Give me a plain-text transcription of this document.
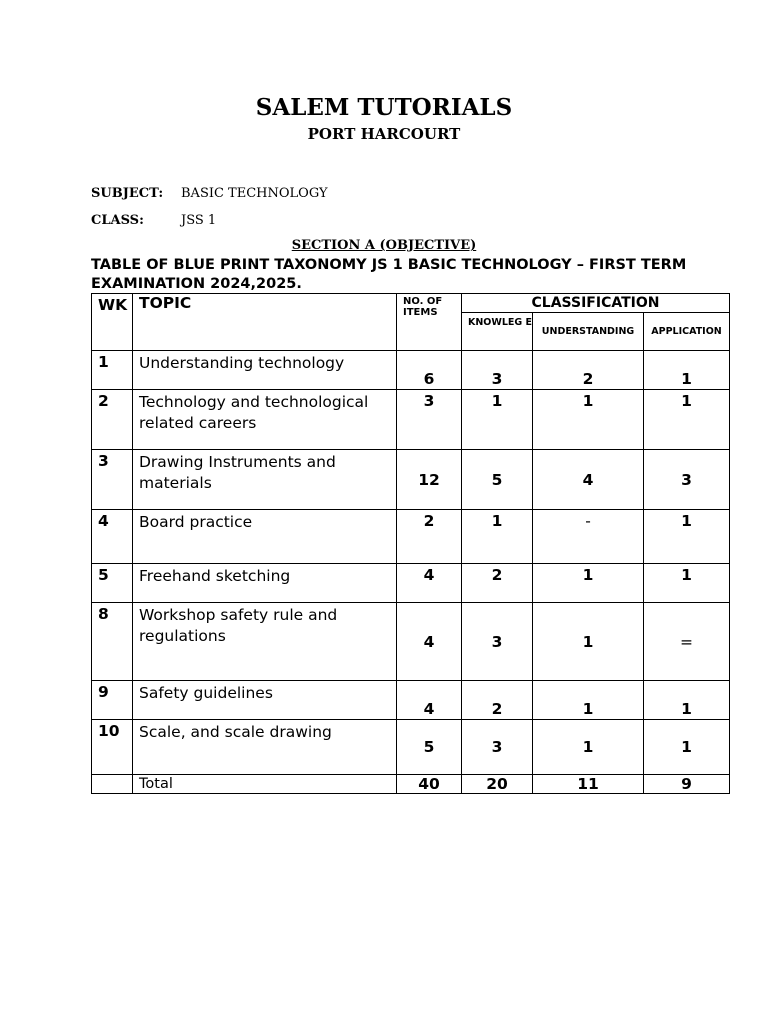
SALEM TUTORIALS
PORT HARCOURT
SUBJECT: BASIC TECHNOLOGY
CLASS:	JSS 1
SECTION A (OBJECTIVE)
TABLE OF BLUE PRINT TAXONOMY JS 1 BASIC TECHNOLOGY – FIRST TERM EXAMINATION 2024,2025.
WK	TOPIC	NO. OF ITEMS	CLASSIFICATION		
			KNOWLEG E	UNDERSTANDING	APPLICATION
1	Understanding technology	6	3	2	1
2	Technology and technological related careers	3	1	1	1
3	Drawing Instruments and materials	12	5	4	3
4	Board practice	2	1	-	1
5	Freehand sketching	4	2	1	1
8	Workshop safety rule and regulations	4	3	1	=
9	Safety guidelines	4	2	1	1
10	Scale, and scale drawing	5	3	1	1
	Total	40	20	11	9
